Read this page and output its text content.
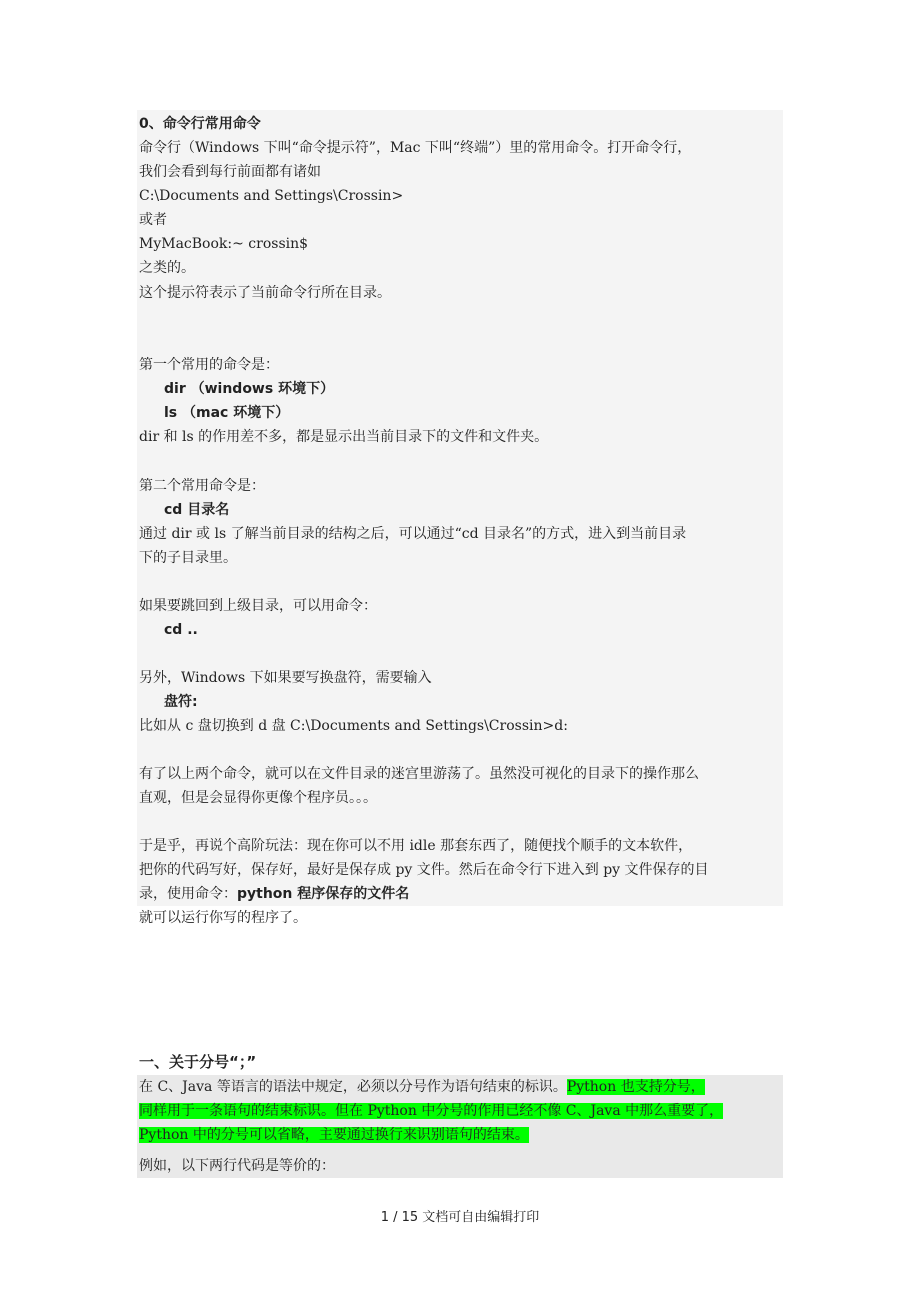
0、命令行常用命令
命令行（Windows 下叫“命令提示符”，Mac 下叫“终端”）里的常用命令。打开命令行，
我们会看到每行前面都有诸如
C:\Documents and Settings\Crossin>
或者
MyMacBook:~ crossin$
之类的。
这个提示符表示了当前命令行所在目录。
第一个常用的命令是：
dir （windows 环境下）
ls （mac 环境下）
dir 和 ls 的作用差不多，都是显示出当前目录下的文件和文件夹。
第二个常用命令是：
cd 目录名
通过 dir 或 ls 了解当前目录的结构之后，可以通过“cd 目录名”的方式，进入到当前目录
下的子目录里。
如果要跳回到上级目录，可以用命令：
cd ..
另外，Windows 下如果要写换盘符，需要输入
盘符:
比如从 c 盘切换到 d 盘 C:\Documents and Settings\Crossin>d:
有了以上两个命令，就可以在文件目录的迷宫里游荡了。虽然没可视化的目录下的操作那么
直观，但是会显得你更像个程序员。。。
于是乎，再说个高阶玩法：现在你可以不用 idle 那套东西了，随便找个顺手的文本软件，
把你的代码写好，保存好，最好是保存成 py 文件。然后在命令行下进入到 py 文件保存的目
录，使用命令：python 程序保存的文件名
就可以运行你写的程序了。
一、关于分号“；”
在 C、Java 等语言的语法中规定，必须以分号作为语句结束的标识。Python 也支持分号，
同样用于一条语句的结束标识。但在 Python 中分号的作用已经不像 C、Java 中那么重要了，
Python 中的分号可以省略，主要通过换行来识别语句的结束。
例如，以下两行代码是等价的：
1 / 15 文档可自由编辑打印
